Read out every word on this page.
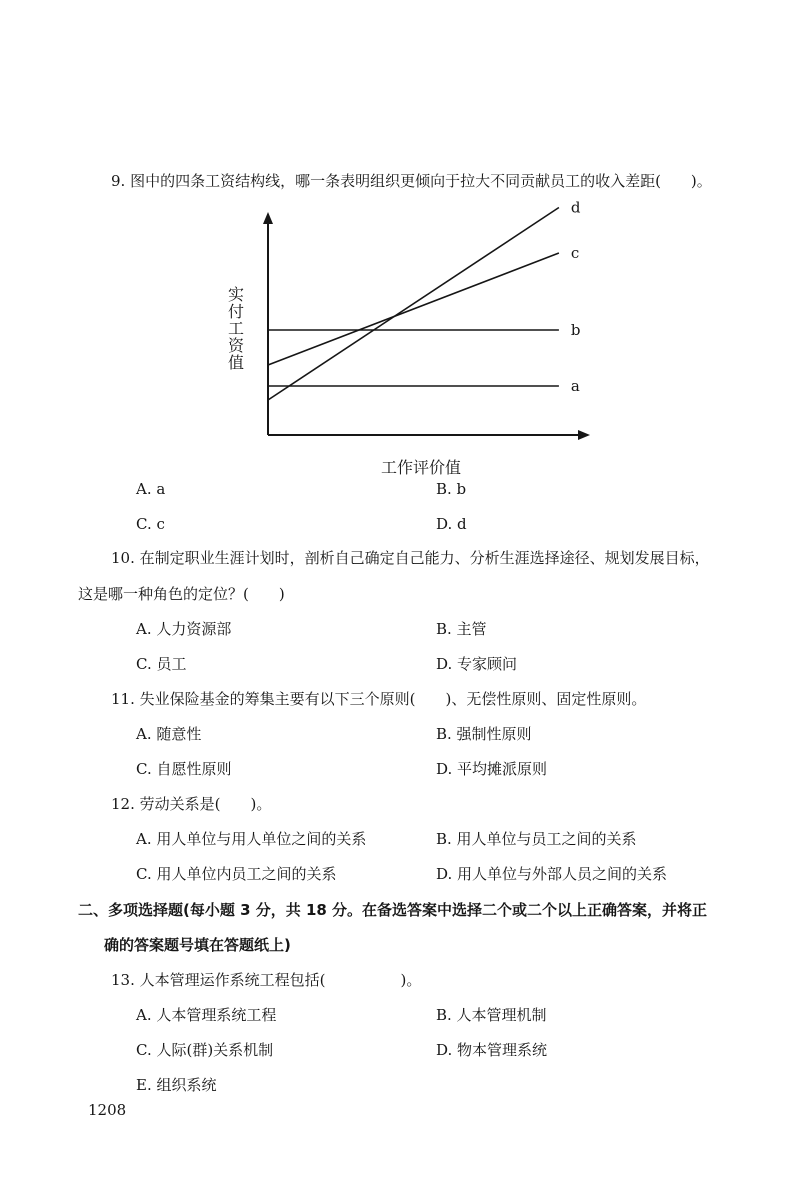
9. 图中的四条工资结构线，哪一条表明组织更倾向于拉大不同贡献员工的收入差距(　　)。
a
b
c
d
实付工资值
工作评价值
A. a	B. b
C. c	D. d
10. 在制定职业生涯计划时，剖析自己确定自己能力、分析生涯选择途径、规划发展目标，
这是哪一种角色的定位？(　　)
A. 人力资源部	B. 主管
C. 员工	D. 专家顾问
11. 失业保险基金的筹集主要有以下三个原则(　　)、无偿性原则、固定性原则。
A. 随意性	B. 强制性原则
C. 自愿性原则	D. 平均摊派原则
12. 劳动关系是(　　)。
A. 用人单位与用人单位之间的关系	B. 用人单位与员工之间的关系
C. 用人单位内员工之间的关系	D. 用人单位与外部人员之间的关系
二、多项选择题(每小题 3 分，共 18 分。在备选答案中选择二个或二个以上正确答案，并将正
确的答案题号填在答题纸上)
13. 人本管理运作系统工程包括(　　　　　)。
A. 人本管理系统工程	B. 人本管理机制
C. 人际(群)关系机制	D. 物本管理系统
E. 组织系统
1208
